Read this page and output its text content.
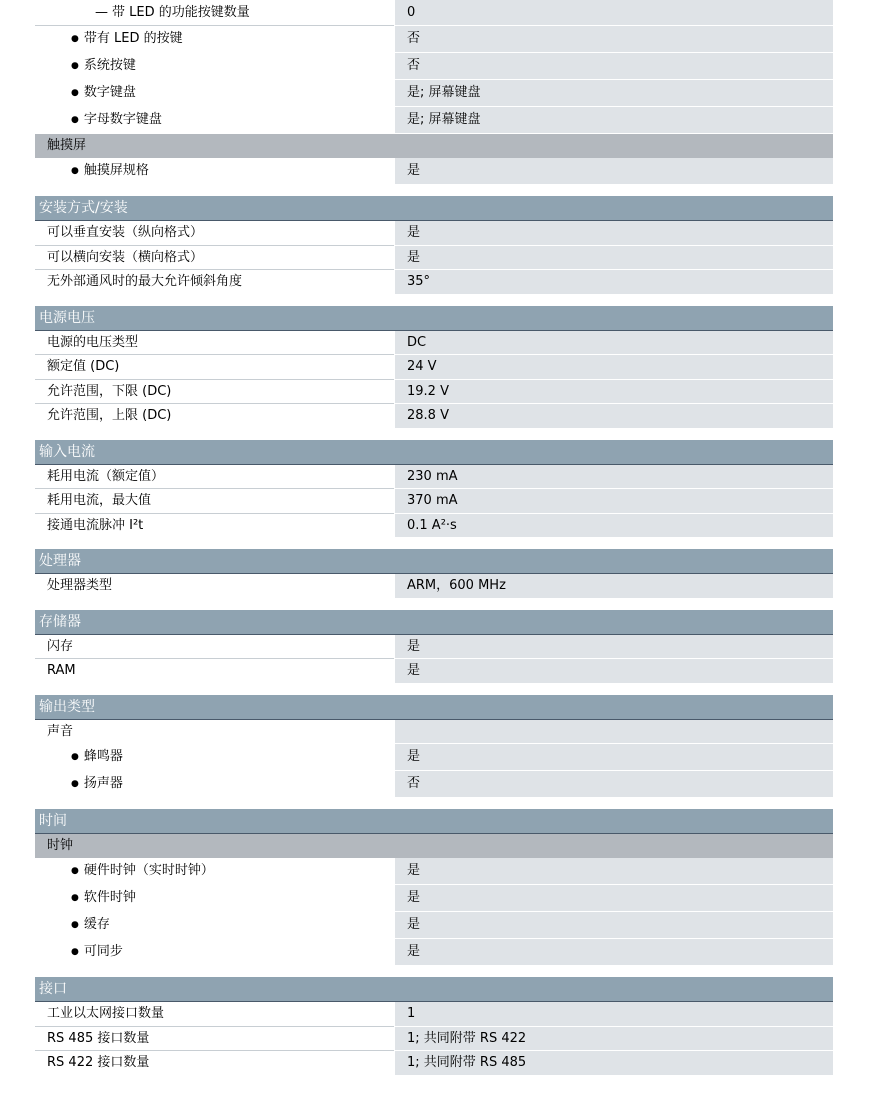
— 带 LED 的功能按键数量	0
● 带有 LED 的按键	否
● 系统按键	否
● 数字键盘	是; 屏幕键盘
● 字母数字键盘	是; 屏幕键盘
触摸屏
● 触摸屏规格	是
安装方式/安装
可以垂直安装（纵向格式）	是
可以横向安装（横向格式）	是
无外部通风时的最大允许倾斜角度	35°
电源电压
电源的电压类型	DC
额定值 (DC)	24 V
允许范围，下限 (DC)	19.2 V
允许范围，上限 (DC)	28.8 V
输入电流
耗用电流（额定值）	230 mA
耗用电流，最大值	370 mA
接通电流脉冲 I²t	0.1 A²·s
处理器
处理器类型	ARM，600 MHz
存储器
闪存	是
RAM	是
输出类型
声音
● 蜂鸣器	是
● 扬声器	否
时间
时钟
● 硬件时钟（实时时钟）	是
● 软件时钟	是
● 缓存	是
● 可同步	是
接口
工业以太网接口数量	1
RS 485 接口数量	1; 共同附带 RS 422
RS 422 接口数量	1; 共同附带 RS 485
